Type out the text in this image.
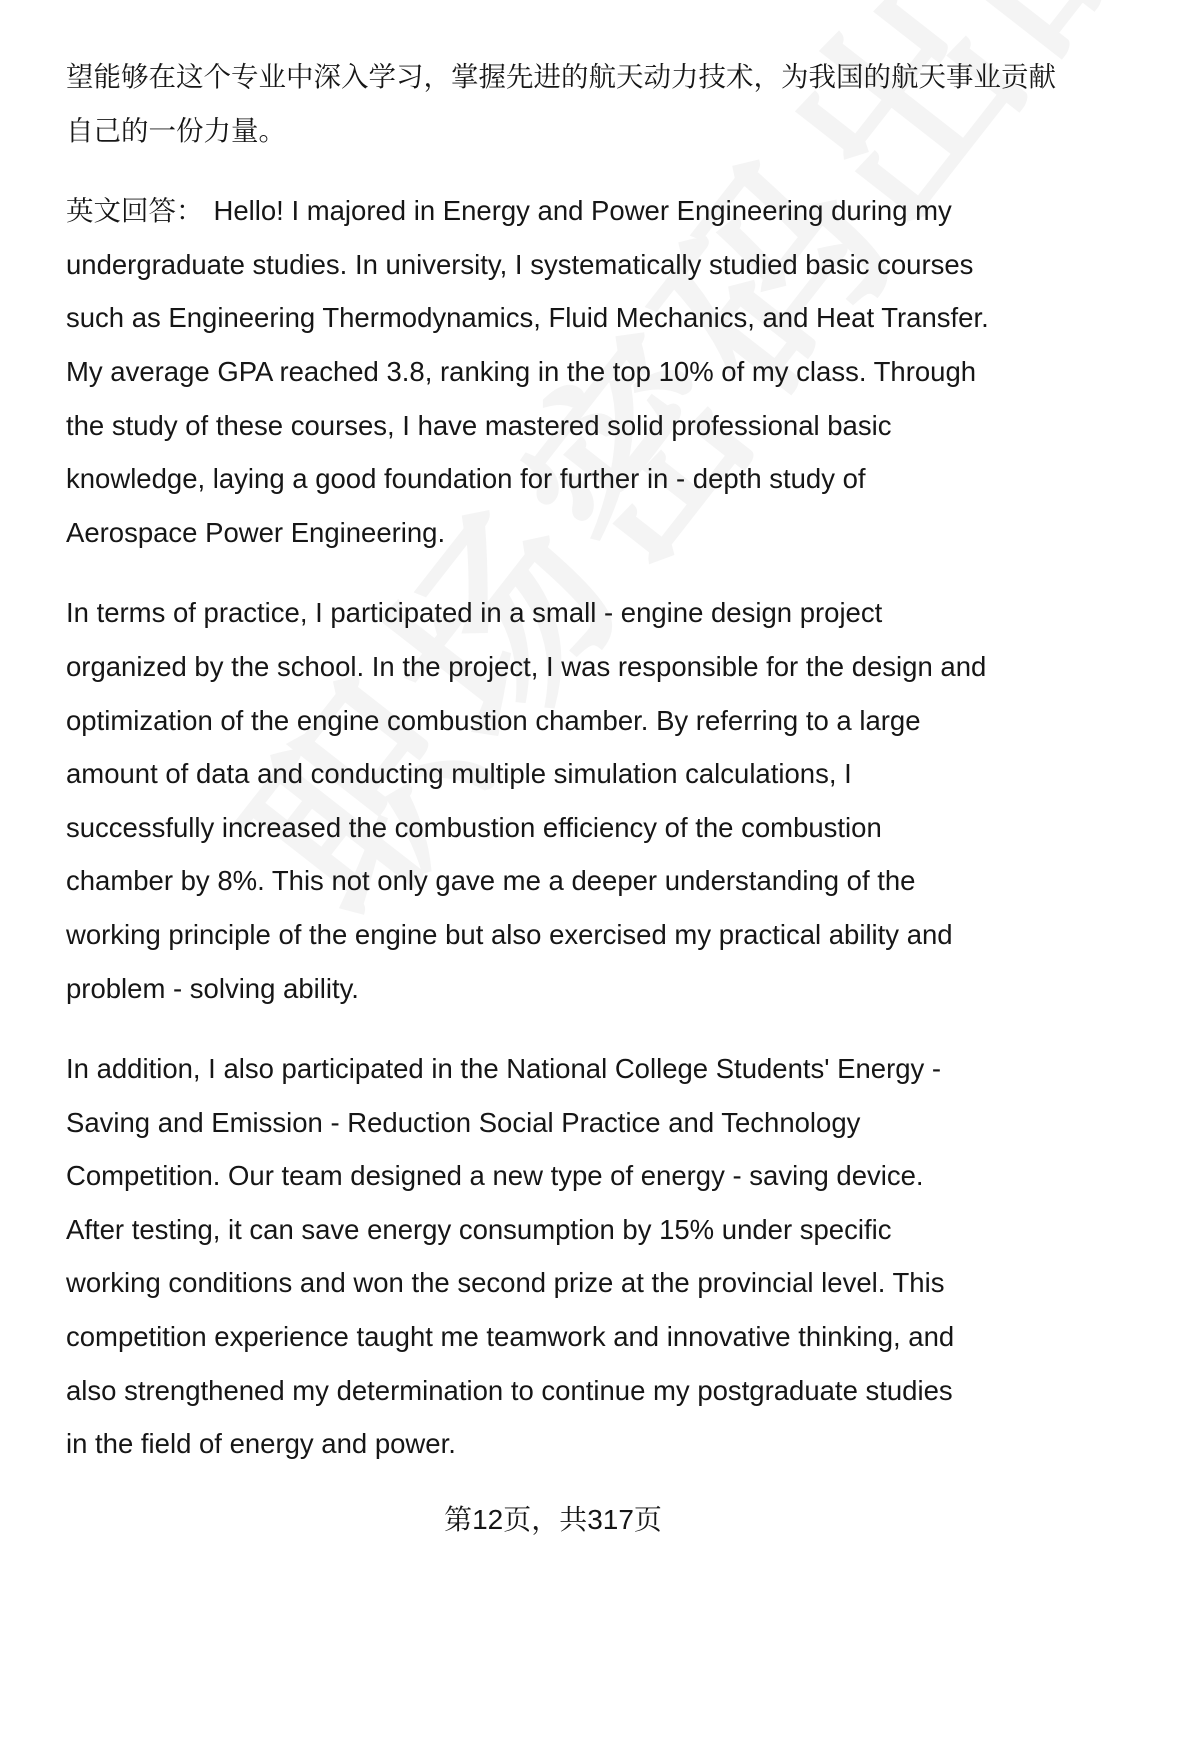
望能够在这个专业中深入学习，掌握先进的航天动力技术，为我国的航天事业贡献
自己的一份力量。

英文回答： Hello! I majored in Energy and Power Engineering during my
undergraduate studies. In university, I systematically studied basic courses
such as Engineering Thermodynamics, Fluid Mechanics, and Heat Transfer.
My average GPA reached 3.8, ranking in the top 10% of my class. Through
the study of these courses, I have mastered solid professional basic
knowledge, laying a good foundation for further in - depth study of
Aerospace Power Engineering.

In terms of practice, I participated in a small - engine design project
organized by the school. In the project, I was responsible for the design and
optimization of the engine combustion chamber. By referring to a large
amount of data and conducting multiple simulation calculations, I
successfully increased the combustion efficiency of the combustion
chamber by 8%. This not only gave me a deeper understanding of the
working principle of the engine but also exercised my practical ability and
problem - solving ability.

In addition, I also participated in the National College Students' Energy -
Saving and Emission - Reduction Social Practice and Technology
Competition. Our team designed a new type of energy - saving device.
After testing, it can save energy consumption by 15% under specific
working conditions and won the second prize at the provincial level. This
competition experience taught me teamwork and innovative thinking, and
also strengthened my determination to continue my postgraduate studies
in the field of energy and power.

第12页，共317页
